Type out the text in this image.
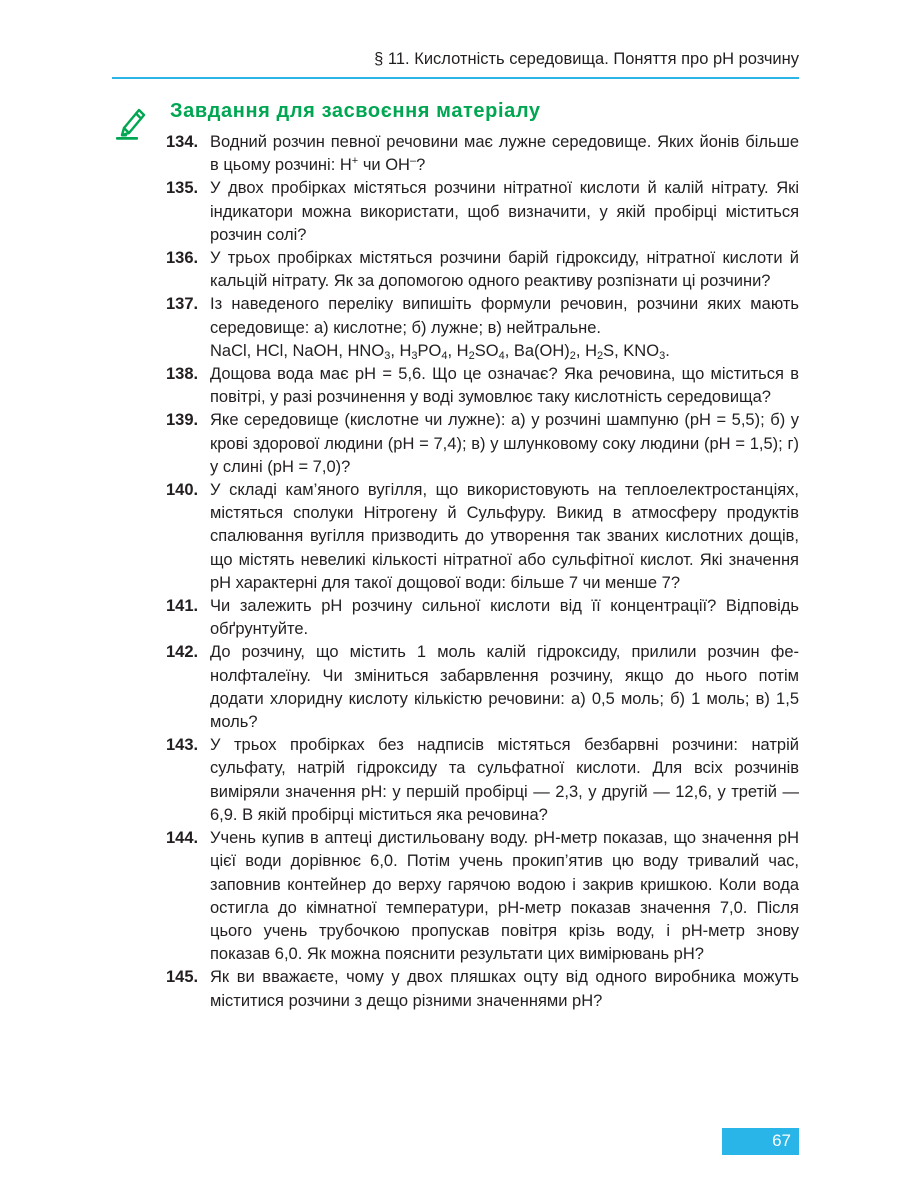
§ 11. Кислотність середовища. Поняття про рН розчину
Завдання для засвоєння матеріалу
134. Водний розчин певної речовини має лужне середовище. Яких йонів більше в цьому розчині: H+ чи OH–?
135. У двох пробірках містяться розчини нітратної кислоти й калій нітрату. Які індикатори можна використати, щоб визначити, у якій пробірці міститься розчин солі?
136. У трьох пробірках містяться розчини барій гідроксиду, нітратної кислоти й кальцій нітрату. Як за допомогою одного реактиву розпізнати ці розчини?
137. Із наведеного переліку випишіть формули речовин, розчини яких мають середовище: а) кислотне; б) лужне; в) нейтральне.
NaCl, HCl, NaOH, $HNO_3$, $H_3PO_4$, $H_2SO_4$, $Ba(OH)_2$, $H_2S$, $KNO_3$.
138. Дощова вода має рН = 5,6. Що це означає? Яка речовина, що міститься в повітрі, у разі розчинення у воді зумовлює таку кислотність середовища?
139. Яке середовище (кислотне чи лужне): а) у розчині шампуню (рН = 5,5); б) у крові здорової людини (рН = 7,4); в) у шлунковому соку людини (рН = 1,5); г) у слині (рН = 7,0)?
140. У складі кам’яного вугілля, що використовують на теплоелектростанціях, містяться сполуки Нітрогену й Сульфуру. Викид в атмосферу продуктів спалювання вугілля призводить до утворення так званих кислотних дощів, що містять невеликі кількості нітратної або сульфітної кислот. Які значення рН характерні для такої дощової води: більше 7 чи менше 7?
141. Чи залежить рН розчину сильної кислоти від її концентрації? Відповідь обґрунтуйте.
142. До розчину, що містить 1 моль калій гідроксиду, прилили розчин фенолфталеїну. Чи зміниться забарвлення розчину, якщо до нього потім додати хлоридну кислоту кількістю речовини: а) 0,5 моль; б) 1 моль; в) 1,5 моль?
143. У трьох пробірках без надписів містяться безбарвні розчини: натрій сульфату, натрій гідроксиду та сульфатної кислоти. Для всіх розчинів виміряли значення рН: у першій пробірці — 2,3, у другій — 12,6, у третій — 6,9. В якій пробірці міститься яка речовина?
144. Учень купив в аптеці дистильовану воду. рН-метр показав, що значення рН цієї води дорівнює 6,0. Потім учень прокип’ятив цю воду тривалий час, заповнив контейнер до верху гарячою водою і закрив кришкою. Коли вода остигла до кімнатної температури, рН-метр показав значення 7,0. Після цього учень трубочкою пропускав повітря крізь воду, і рН-метр знову показав 6,0. Як можна пояснити результати цих вимірювань рН?
145. Як ви вважаєте, чому у двох пляшках оцту від одного виробника можуть міститися розчини з дещо різними значеннями рН?
67
